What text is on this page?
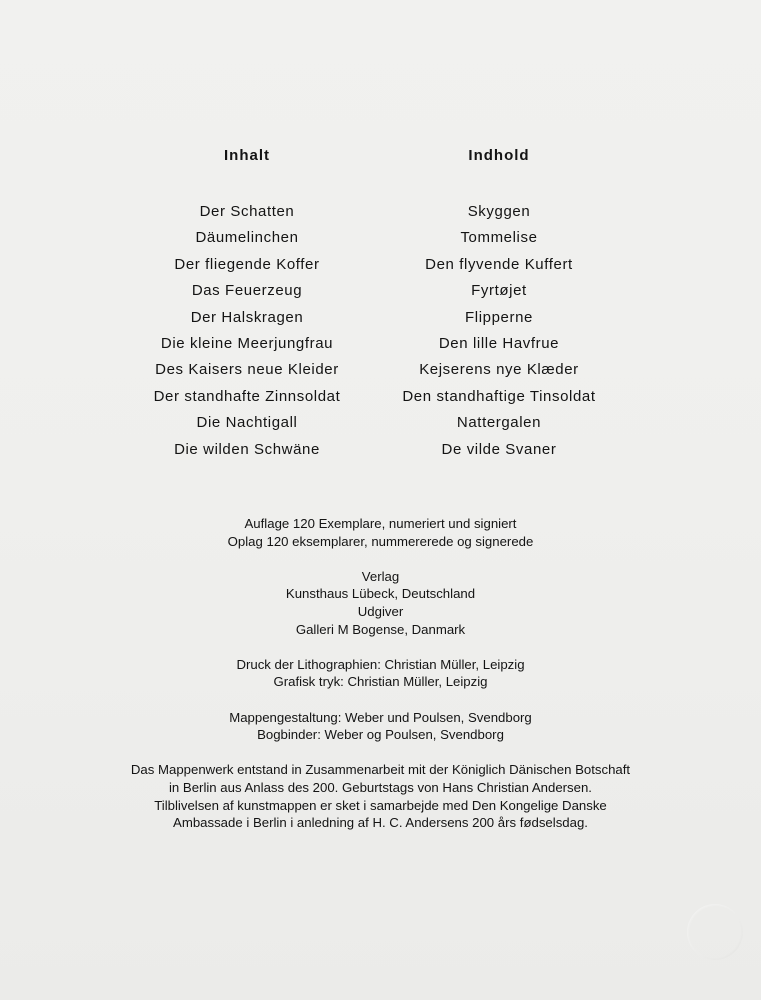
Inhalt
Der Schatten
Däumelinchen
Der fliegende Koffer
Das Feuerzeug
Der Halskragen
Die kleine Meerjungfrau
Des Kaisers neue Kleider
Der standhafte Zinnsoldat
Die Nachtigall
Die wilden Schwäne
Indhold
Skyggen
Tommelise
Den flyvende Kuffert
Fyrtøjet
Flipperne
Den lille Havfrue
Kejserens nye Klæder
Den standhaftige Tinsoldat
Nattergalen
De vilde Svaner
Auflage 120 Exemplare, numeriert und signiert
Oplag 120 eksemplarer, nummererede og signerede
Verlag
Kunsthaus Lübeck, Deutschland
Udgiver
Galleri M Bogense, Danmark
Druck der Lithographien: Christian Müller, Leipzig
Grafisk tryk: Christian Müller, Leipzig
Mappengestaltung: Weber und Poulsen, Svendborg
Bogbinder: Weber og Poulsen, Svendborg
Das Mappenwerk entstand in Zusammenarbeit mit der Königlich Dänischen Botschaft
in Berlin aus Anlass des 200. Geburtstags von Hans Christian Andersen.
Tilblivelsen af kunstmappen er sket i samarbejde med Den Kongelige Danske
Ambassade i Berlin i anledning af H. C. Andersens 200 års fødselsdag.
